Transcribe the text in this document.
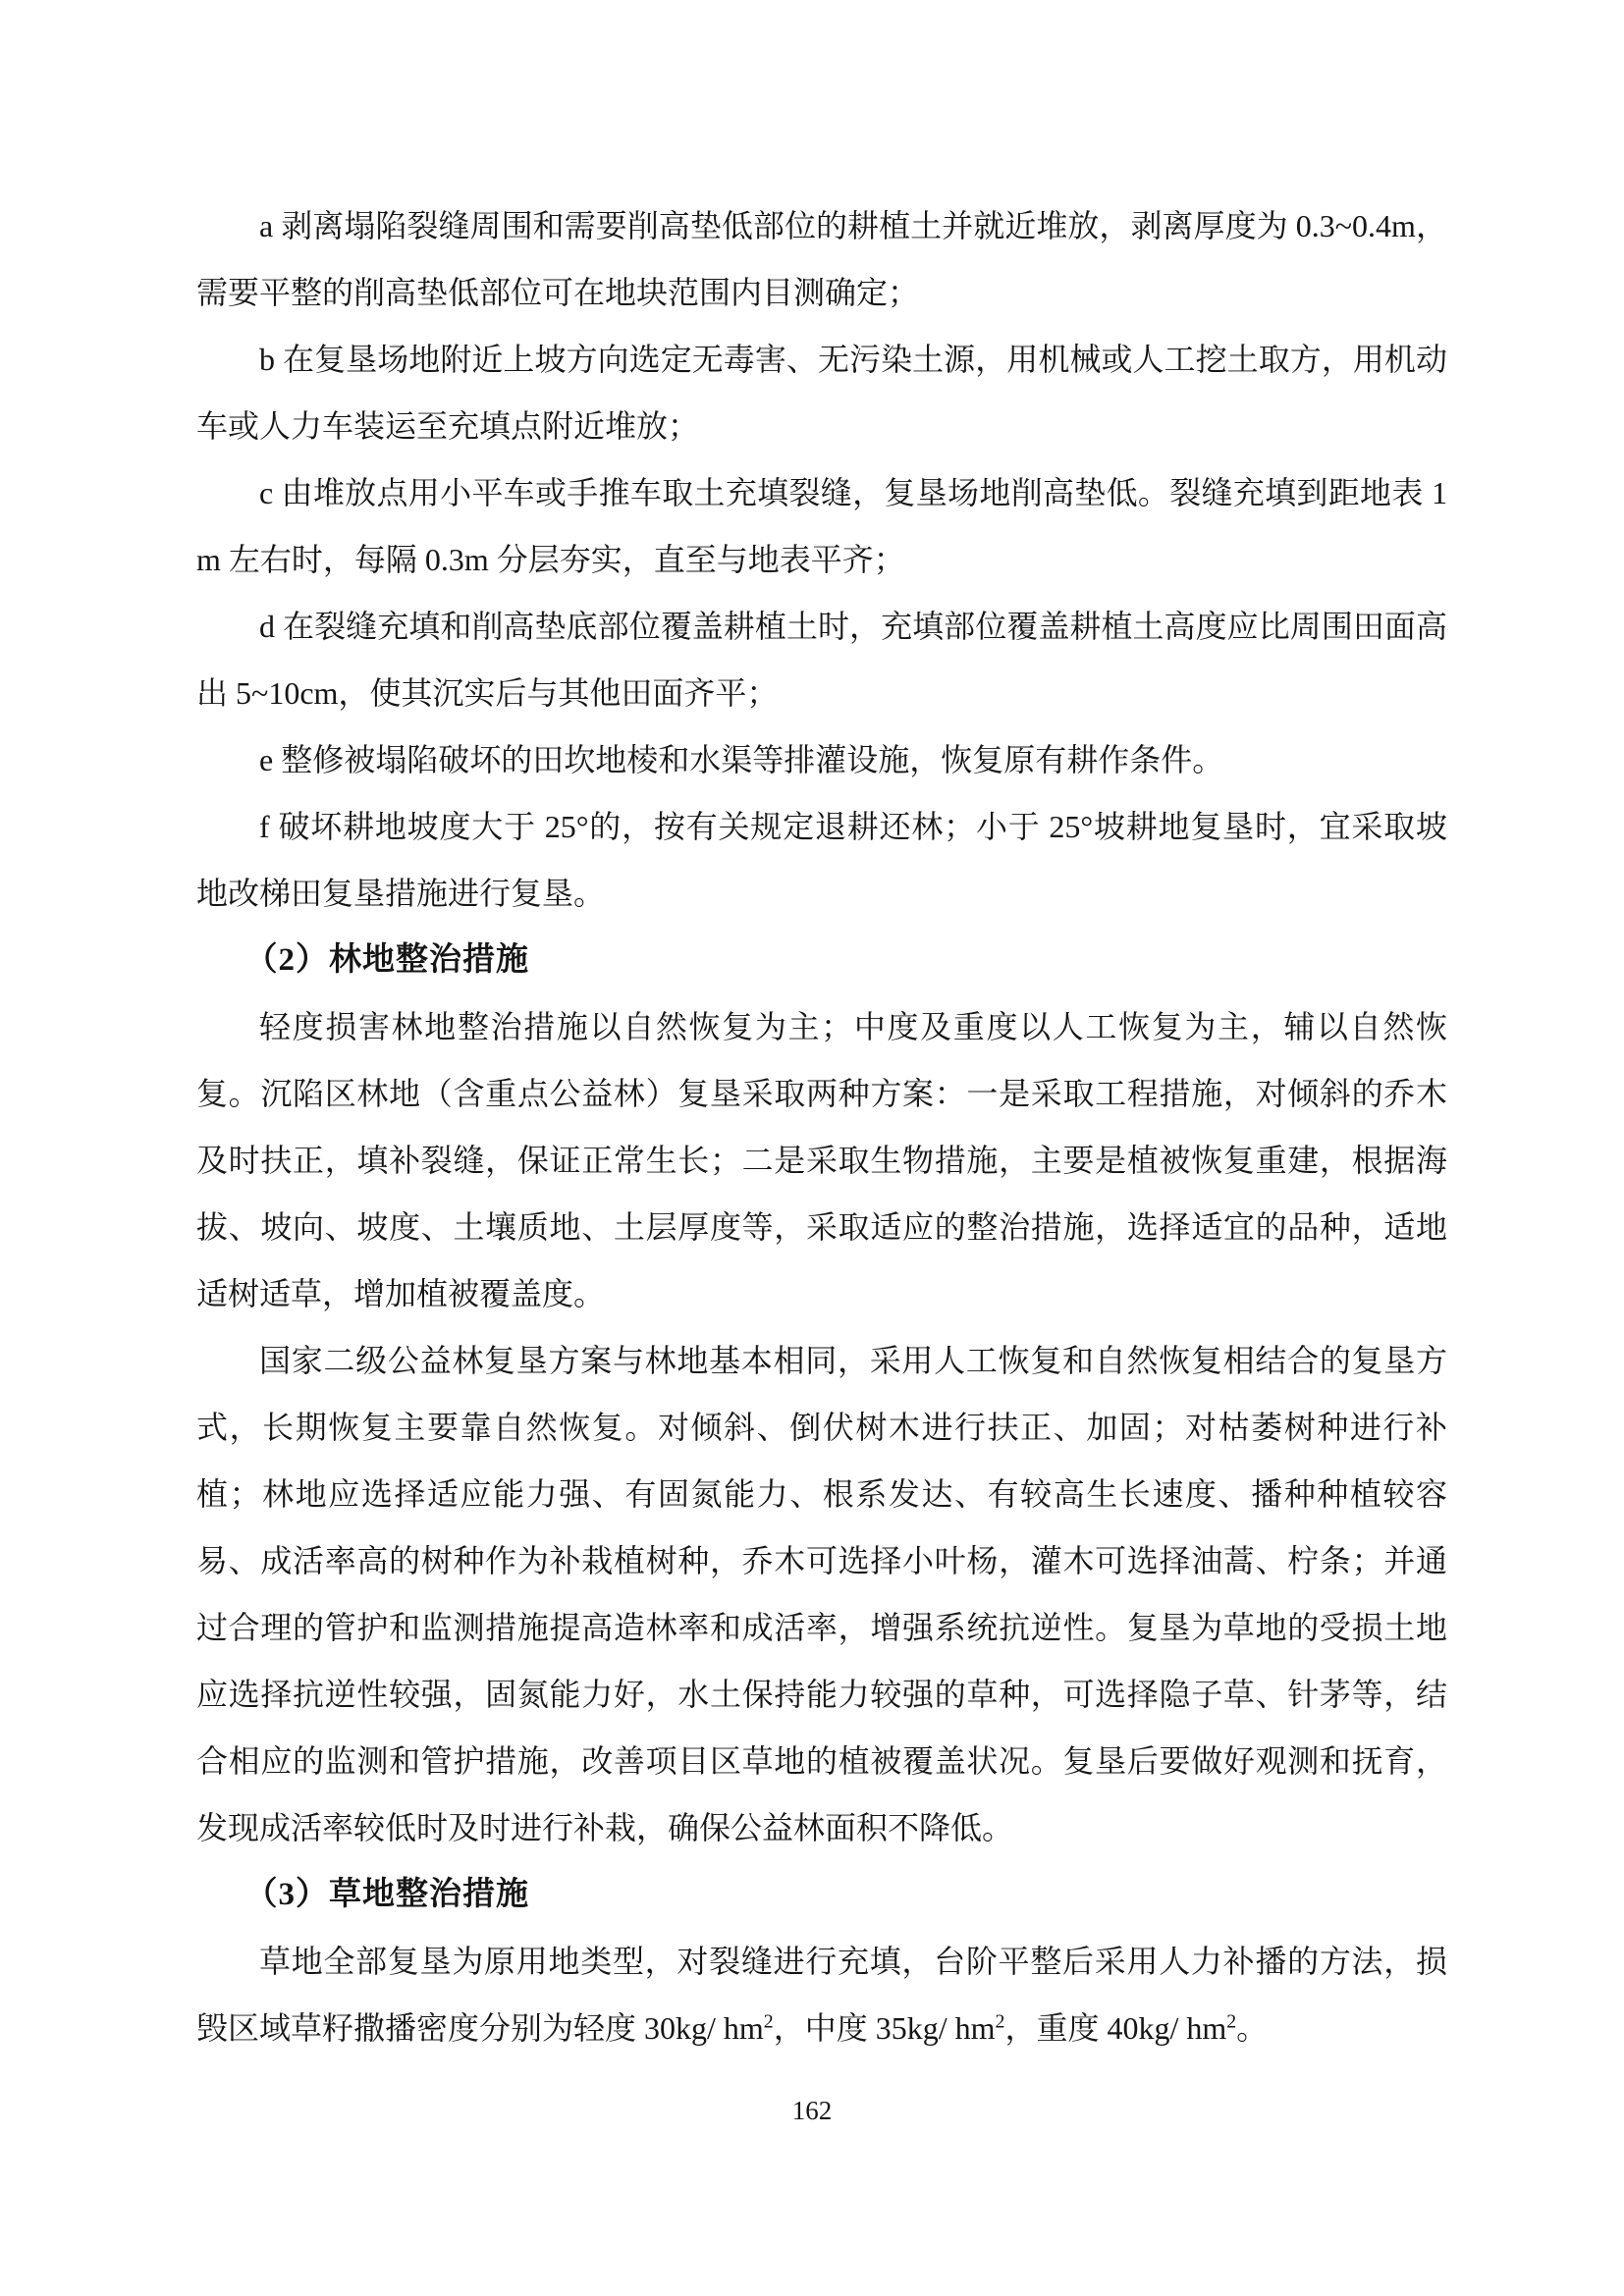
a 剥离塌陷裂缝周围和需要削高垫低部位的耕植土并就近堆放，剥离厚度为 0.3~0.4m，需要平整的削高垫低部位可在地块范围内目测确定；

b 在复垦场地附近上坡方向选定无毒害、无污染土源，用机械或人工挖土取方，用机动车或人力车装运至充填点附近堆放；

c 由堆放点用小平车或手推车取土充填裂缝，复垦场地削高垫低。裂缝充填到距地表 1m 左右时，每隔 0.3m 分层夯实，直至与地表平齐；

d 在裂缝充填和削高垫底部位覆盖耕植土时，充填部位覆盖耕植土高度应比周围田面高出 5~10cm，使其沉实后与其他田面齐平；

e 整修被塌陷破坏的田坎地棱和水渠等排灌设施，恢复原有耕作条件。

f 破坏耕地坡度大于 25°的，按有关规定退耕还林；小于 25°坡耕地复垦时，宜采取坡地改梯田复垦措施进行复垦。

（2）林地整治措施

轻度损害林地整治措施以自然恢复为主；中度及重度以人工恢复为主，辅以自然恢复。沉陷区林地（含重点公益林）复垦采取两种方案：一是采取工程措施，对倾斜的乔木及时扶正，填补裂缝，保证正常生长；二是采取生物措施，主要是植被恢复重建，根据海拔、坡向、坡度、土壤质地、土层厚度等，采取适应的整治措施，选择适宜的品种，适地适树适草，增加植被覆盖度。

国家二级公益林复垦方案与林地基本相同，采用人工恢复和自然恢复相结合的复垦方式，长期恢复主要靠自然恢复。对倾斜、倒伏树木进行扶正、加固；对枯萎树种进行补植；林地应选择适应能力强、有固氮能力、根系发达、有较高生长速度、播种种植较容易、成活率高的树种作为补栽植树种，乔木可选择小叶杨，灌木可选择油蒿、柠条；并通过合理的管护和监测措施提高造林率和成活率，增强系统抗逆性。复垦为草地的受损土地应选择抗逆性较强，固氮能力好，水土保持能力较强的草种，可选择隐子草、针茅等，结合相应的监测和管护措施，改善项目区草地的植被覆盖状况。复垦后要做好观测和抚育，发现成活率较低时及时进行补栽，确保公益林面积不降低。

（3）草地整治措施

草地全部复垦为原用地类型，对裂缝进行充填，台阶平整后采用人力补播的方法，损毁区域草籽撒播密度分别为轻度 30kg/ $hm^2$，中度 35kg/ $hm^2$，重度 40kg/ $hm^2$。

162
